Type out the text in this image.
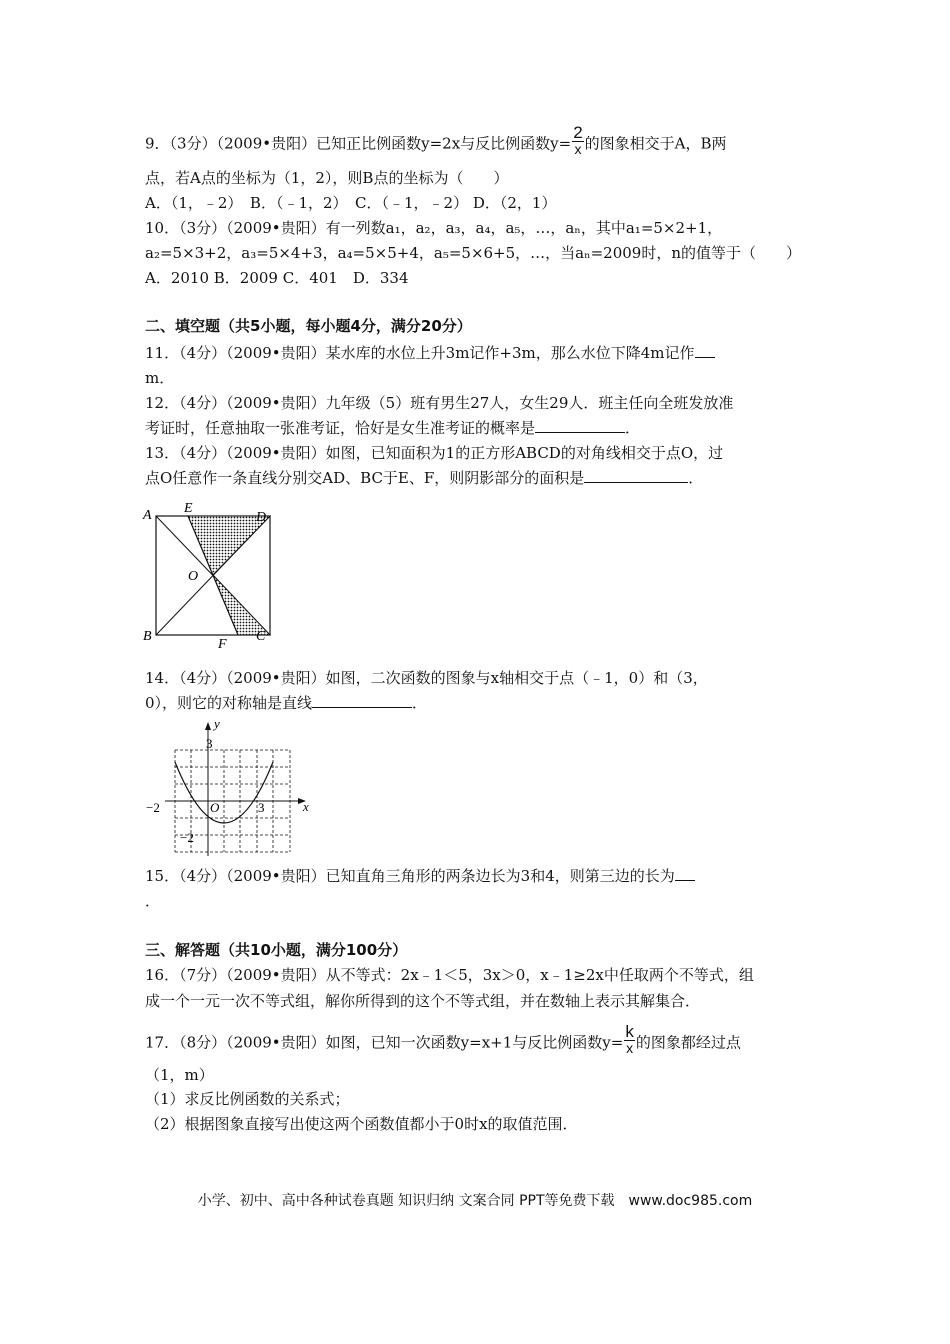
9．（3分）（2009•贵阳）已知正比例函数y=2x与反比例函数$y= \frac{2}{x}$ 的图象相交于A，B两
点，若A点的坐标为（1，2），则B点的坐标为（　　）
A．（1，﹣2）　B．（﹣1，2）　C．（﹣1，﹣2） D．（2，1）
10．（3分）（2009•贵阳）有一列数a₁，a₂，a₃，a₄，a₅，…，aₙ，其中a₁=5×2+1，
a₂=5×3+2，a₃=5×4+3，a₄=5×5+4，a₅=5×6+5，…，当aₙ=2009时，n的值等于（　　）
A．2010 B．2009 C．401　D．334
二、填空题（共5小题，每小题4分，满分20分）
11．（4分）（2009•贵阳）某水库的水位上升3m记作+3m，那么水位下降4m记作
m．
12．（4分）（2009•贵阳）九年级（5）班有男生27人，女生29人．班主任向全班发放准
考证时，任意抽取一张准考证，恰好是女生准考证的概率是	．
13．（4分）（2009•贵阳）如图，已知面积为1的正方形ABCD的对角线相交于点O，过
点O任意作一条直线分别交AD、BC于E、F，则阴影部分的面积是	．
A E
D
O
B
F
C
14．（4分）（2009•贵阳）如图，二次函数的图象与x轴相交于点（﹣1，0）和（3，
0），则它的对称轴是直线	．
y
x
3
3
−2	O
−2
15．（4分）（2009•贵阳）已知直角三角形的两条边长为3和4，则第三边的长为
．
三、解答题（共10小题，满分100分）
16．（7分）（2009•贵阳）从不等式：2x﹣1＜5，3x＞0，x﹣1≥2x中任取两个不等式，组
成一个一元一次不等式组，解你所得到的这个不等式组，并在数轴上表示其解集合．
17．（8分）（2009•贵阳）如图，已知一次函数y=x+1与反比例函数$y= \frac{k}{x}$ 的图象都经过点
（1，m）
（1）求反比例函数的关系式；
（2）根据图象直接写出使这两个函数值都小于0时x的取值范围．
小学、初中、高中各种试卷真题 知识归纳 文案合同 PPT等免费下载　www.doc985.com
